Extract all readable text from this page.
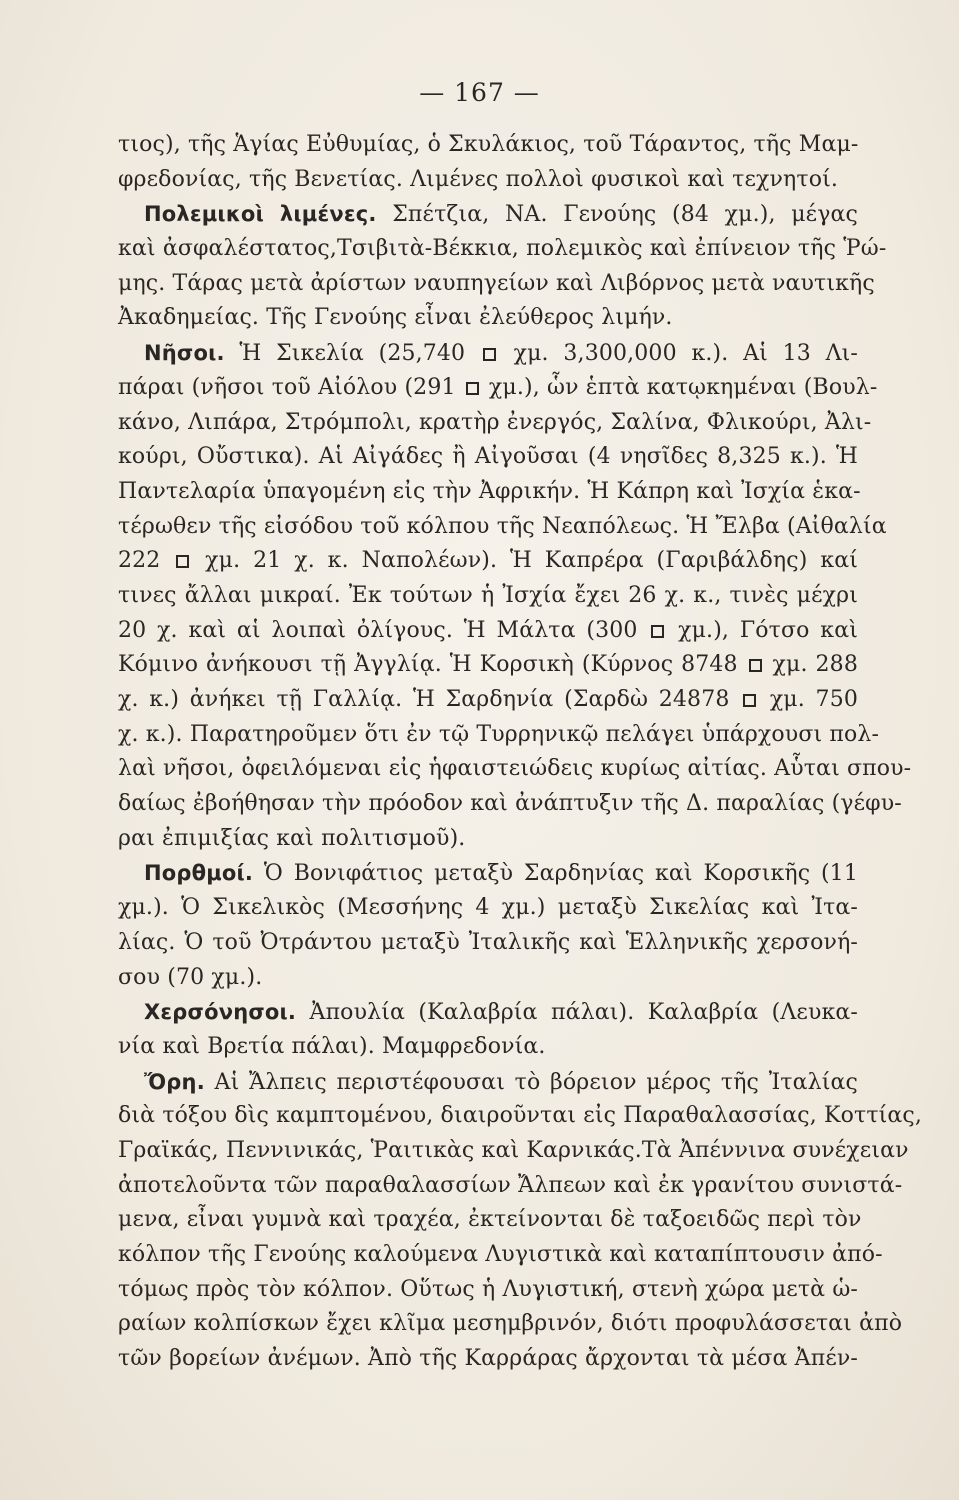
— 167 —
τιος), τῆς Ἁγίας Εὐθυμίας, ὁ Σκυλάκιος, τοῦ Τάραντος, τῆς Μαμ-
φρεδονίας, τῆς Βενετίας. Λιμένες πολλοὶ φυσικοὶ καὶ τεχνητοί.
Πολεμικοὶ λιμένες. Σπέτζια, ΝΑ. Γενούης (84 χμ.), μέγας
καὶ ἀσφαλέστατος,Τσιβιτὰ-Βέκκια, πολεμικὸς καὶ ἐπίνειον τῆς Ῥώ-
μης. Τάρας μετὰ ἀρίστων ναυπηγείων καὶ Λιβόρνος μετὰ ναυτικῆς
Ἀκαδημείας. Τῆς Γενούης εἶναι ἐλεύθερος λιμήν.
Νῆσοι. Ἡ Σικελία (25,740  χμ. 3,300,000 κ.). Αἱ 13 Λι-
πάραι (νῆσοι τοῦ Αἰόλου (291  χμ.), ὧν ἑπτὰ κατῳκημέναι (Βουλ-
κάνο, Λιπάρα, Στρόμπολι, κρατὴρ ἐνεργός, Σαλίνα, Φλικούρι, Ἀλι-
κούρι, Οὔστικα). Αἱ Αἰγάδες ἢ Αἰγοῦσαι (4 νησῖδες 8,325 κ.). Ἡ
Παντελαρία ὑπαγομένη εἰς τὴν Ἀφρικήν. Ἡ Κάπρη καὶ Ἰσχία ἑκα-
τέρωθεν τῆς εἰσόδου τοῦ κόλπου τῆς Νεαπόλεως. Ἡ Ἔλβα (Αἰθαλία
222  χμ. 21 χ. κ. Ναπολέων). Ἡ Καπρέρα (Γαριβάλδης) καί
τινες ἄλλαι μικραί. Ἐκ τούτων ἡ Ἰσχία ἔχει 26 χ. κ., τινὲς μέχρι
20 χ. καὶ αἱ λοιπαὶ ὀλίγους. Ἡ Μάλτα (300  χμ.), Γότσο καὶ
Κόμινο ἀνήκουσι τῇ Ἀγγλίᾳ. Ἡ Κορσικὴ (Κύρνος 8748  χμ. 288
χ. κ.) ἀνήκει τῇ Γαλλίᾳ. Ἡ Σαρδηνία (Σαρδὼ 24878  χμ. 750
χ. κ.). Παρατηροῦμεν ὅτι ἐν τῷ Τυρρηνικῷ πελάγει ὑπάρχουσι πολ-
λαὶ νῆσοι, ὀφειλόμεναι εἰς ἡφαιστειώδεις κυρίως αἰτίας. Αὗται σπου-
δαίως ἐβοήθησαν τὴν πρόοδον καὶ ἀνάπτυξιν τῆς Δ. παραλίας (γέφυ-
ραι ἐπιμιξίας καὶ πολιτισμοῦ).
Πορθμοί. Ὁ Βονιφάτιος μεταξὺ Σαρδηνίας καὶ Κορσικῆς (11
χμ.). Ὁ Σικελικὸς (Μεσσήνης 4 χμ.) μεταξὺ Σικελίας καὶ Ἰτα-
λίας. Ὁ τοῦ Ὀτράντου μεταξὺ Ἰταλικῆς καὶ Ἑλληνικῆς χερσονή-
σου (70 χμ.).
Χερσόνησοι. Ἀπουλία (Καλαβρία πάλαι). Καλαβρία (Λευκα-
νία καὶ Βρετία πάλαι). Μαμφρεδονία.
Ὄρη. Αἱ Ἄλπεις περιστέφουσαι τὸ βόρειον μέρος τῆς Ἰταλίας
διὰ τόξου δὶς καμπτομένου, διαιροῦνται εἰς Παραθαλασσίας, Κοττίας,
Γραϊκάς, Πεννινικάς, Ῥαιτικὰς καὶ Καρνικάς.Τὰ Ἀπέννινα συνέχειαν
ἀποτελοῦντα τῶν παραθαλασσίων Ἄλπεων καὶ ἐκ γρανίτου συνιστά-
μενα, εἶναι γυμνὰ καὶ τραχέα, ἐκτείνονται δὲ ταξοειδῶς περὶ τὸν
κόλπον τῆς Γενούης καλούμενα Λυγιστικὰ καὶ καταπίπτουσιν ἀπό-
τόμως πρὸς τὸν κόλπον. Οὕτως ἡ Λυγιστική, στενὴ χώρα μετὰ ὡ-
ραίων κολπίσκων ἔχει κλῖμα μεσημβρινόν, διότι προφυλάσσεται ἀπὸ
τῶν βορείων ἀνέμων. Ἀπὸ τῆς Καρράρας ἄρχονται τὰ μέσα Ἀπέν-
